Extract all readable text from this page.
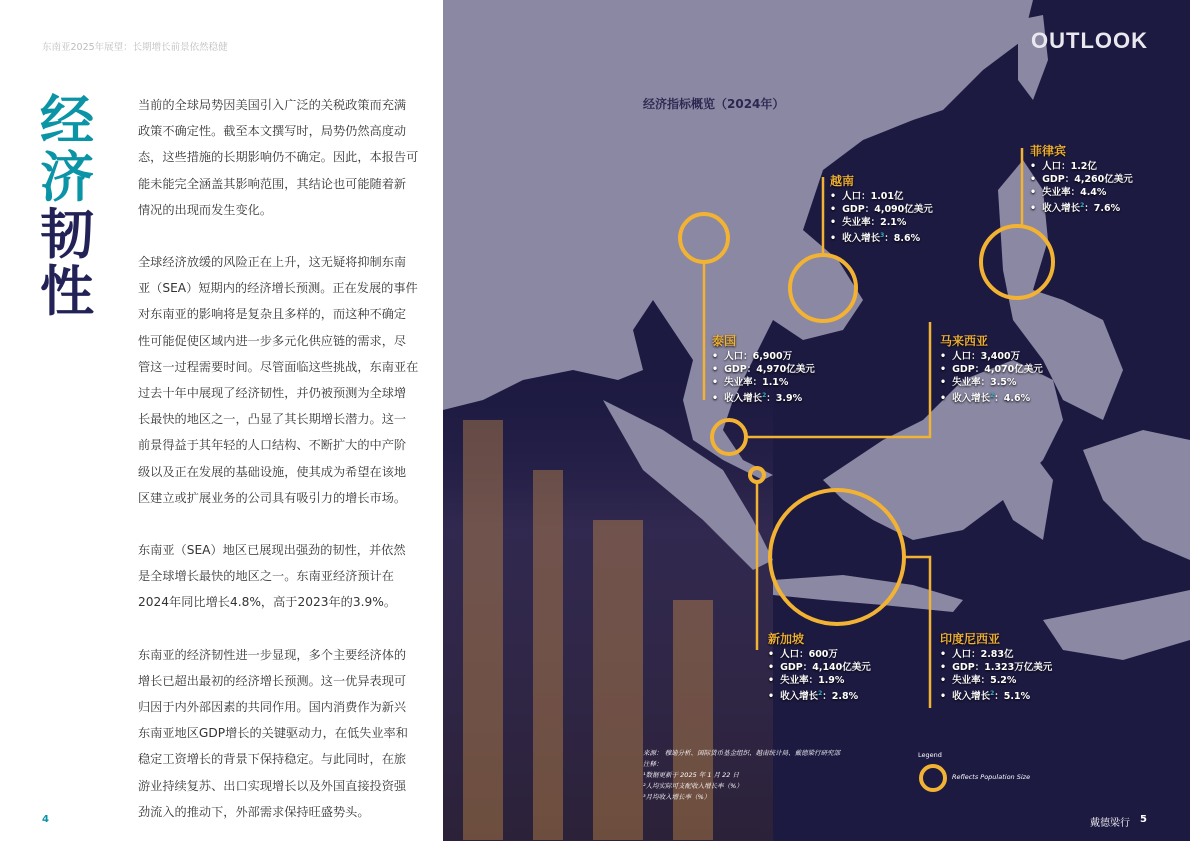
东南亚2025年展望：长期增长前景依然稳健
经
济
韧
性
当前的全球局势因美国引入广泛的关税政策而充满
政策不确定性。截至本文撰写时，局势仍然高度动
态，这些措施的长期影响仍不确定。因此，本报告可
能未能完全涵盖其影响范围，其结论也可能随着新
情况的出现而发生变化。
全球经济放缓的风险正在上升，这无疑将抑制东南
亚（SEA）短期内的经济增长预测。正在发展的事件
对东南亚的影响将是复杂且多样的，而这种不确定
性可能促使区域内进一步多元化供应链的需求，尽
管这一过程需要时间。尽管面临这些挑战，东南亚在
过去十年中展现了经济韧性，并仍被预测为全球增
长最快的地区之一，凸显了其长期增长潜力。这一
前景得益于其年轻的人口结构、不断扩大的中产阶
级以及正在发展的基础设施，使其成为希望在该地
区建立或扩展业务的公司具有吸引力的增长市场。
东南亚（SEA）地区已展现出强劲的韧性，并依然
是全球增长最快的地区之一。东南亚经济预计在
2024年同比增长4.8%，高于2023年的3.9%。
东南亚的经济韧性进一步显现，多个主要经济体的
增长已超出最初的经济增长预测。这一优异表现可
归因于内外部因素的共同作用。国内消费作为新兴
东南亚地区GDP增长的关键驱动力，在低失业率和
稳定工资增长的背景下保持稳定。与此同时，在旅
游业持续复苏、出口实现增长以及外国直接投资强
劲流入的推动下，外部需求保持旺盛势头。
4
OUTLOOK
经济指标概览（2024年）
越南
• 人口：1.01亿
• GDP：4,090亿美元
• 失业率：2.1%
• 收入增长$^3$：8.6%
菲律宾
• 人口：1.2亿
• GDP：4,260亿美元
• 失业率：4.4%
• 收入增长$^2$：7.6%
泰国
• 人口：6,900万
• GDP：4,970亿美元
• 失业率：1.1%
• 收入增长$^2$：3.9%
马来西亚
• 人口：3,400万
• GDP：4,070亿美元
• 失业率：3.5%
• 收入增长$^2$：4.6%
新加坡
• 人口：600万
• GDP：4,140亿美元
• 失业率：1.9%
• 收入增长$^2$：2.8%
印度尼西亚
• 人口：2.83亿
• GDP：1.323万亿美元
• 失业率：5.2%
• 收入增长$^2$：5.1%
来源： 穆迪分析、国际货币基金组织、越南统计局、戴德梁行研究部
注释：
¹数据更新于 2025 年 1 月 22 日
²人均实际可支配收入增长率（%）
³月均收入增长率（%）
Legend
Reflects Population Size
戴德梁行 5
